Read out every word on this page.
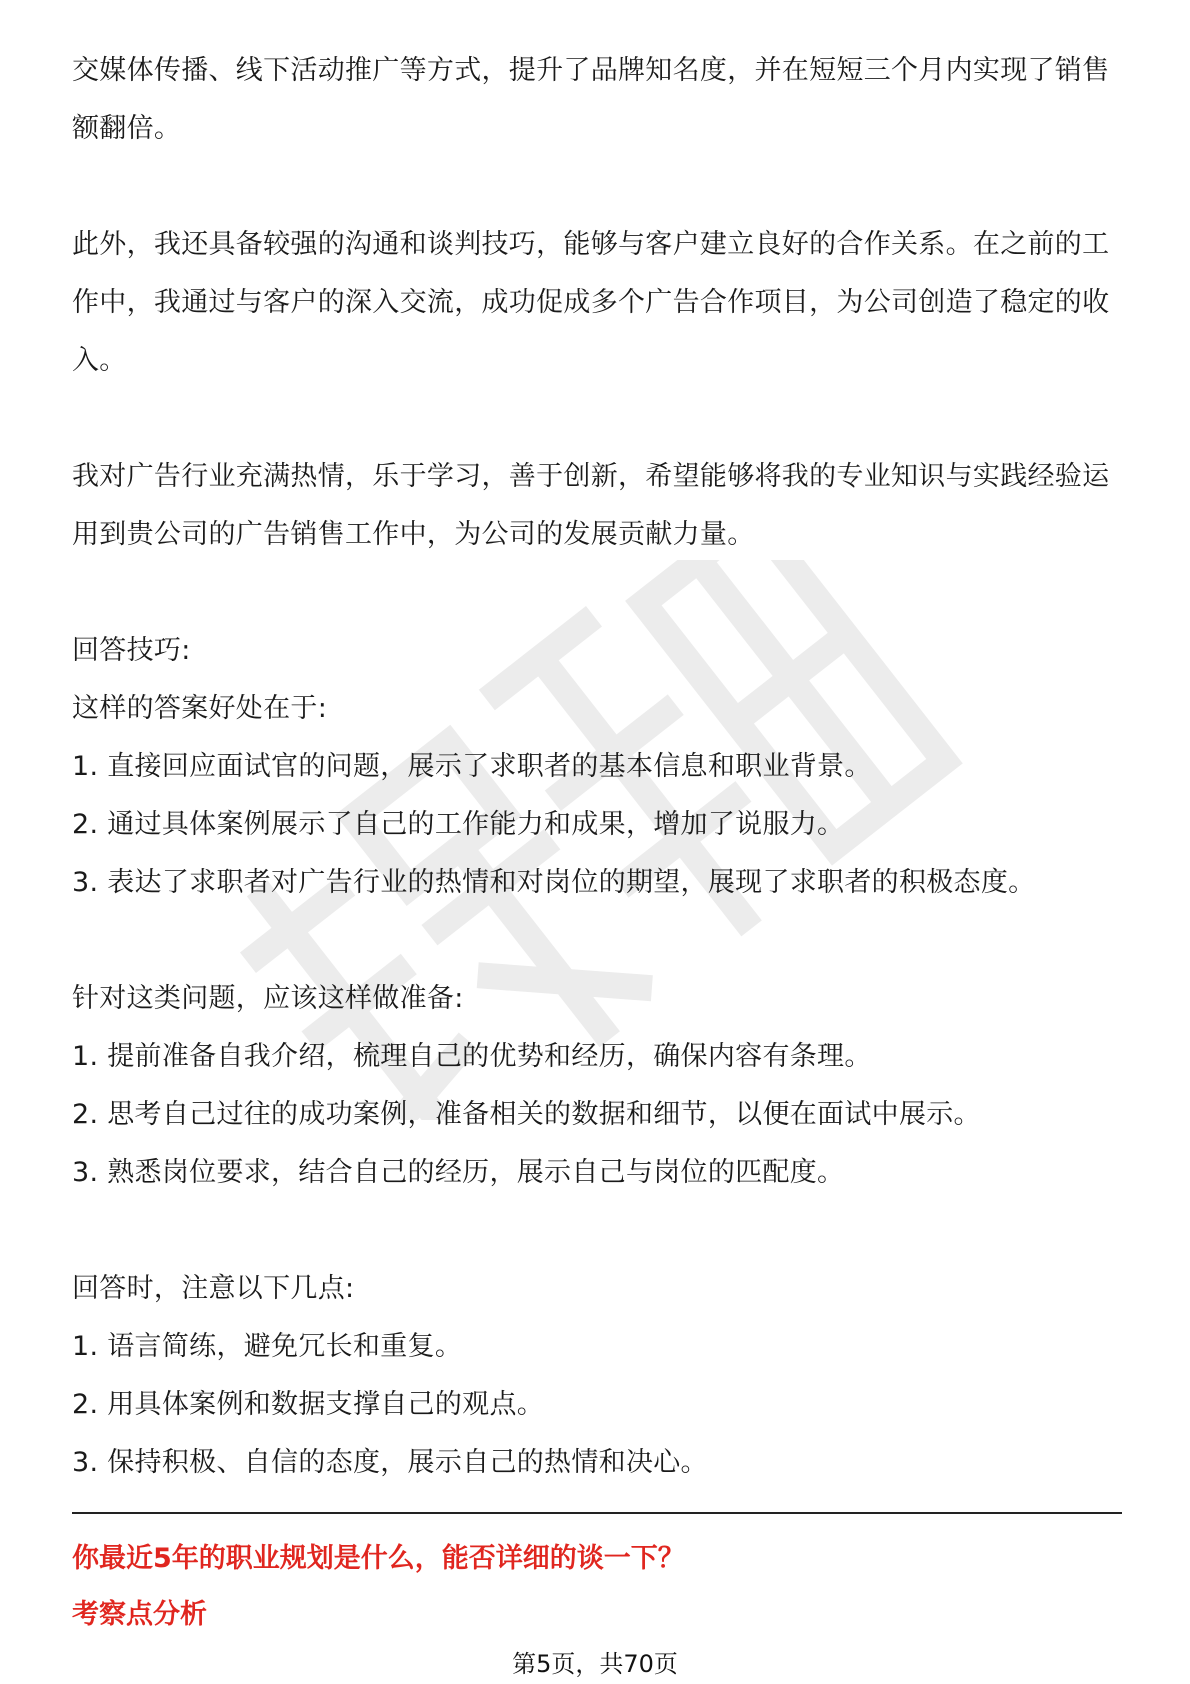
交媒体传播、线下活动推广等方式，提升了品牌知名度，并在短短三个月内实现了销售额翻倍。

此外，我还具备较强的沟通和谈判技巧，能够与客户建立良好的合作关系。在之前的工作中，我通过与客户的深入交流，成功促成多个广告合作项目，为公司创造了稳定的收入。

我对广告行业充满热情，乐于学习，善于创新，希望能够将我的专业知识与实践经验运用到贵公司的广告销售工作中，为公司的发展贡献力量。

回答技巧:

这样的答案好处在于:

1. 直接回应面试官的问题，展示了求职者的基本信息和职业背景。

2. 通过具体案例展示了自己的工作能力和成果，增加了说服力。

3. 表达了求职者对广告行业的热情和对岗位的期望，展现了求职者的积极态度。

针对这类问题，应该这样做准备:

1. 提前准备自我介绍，梳理自己的优势和经历，确保内容有条理。

2. 思考自己过往的成功案例，准备相关的数据和细节，以便在面试中展示。

3. 熟悉岗位要求，结合自己的经历，展示自己与岗位的匹配度。

回答时，注意以下几点:

1. 语言简练，避免冗长和重复。

2. 用具体案例和数据支撑自己的观点。

3. 保持积极、自信的态度，展示自己的热情和决心。

你最近5年的职业规划是什么，能否详细的谈一下？

考察点分析

第5页，共70页
